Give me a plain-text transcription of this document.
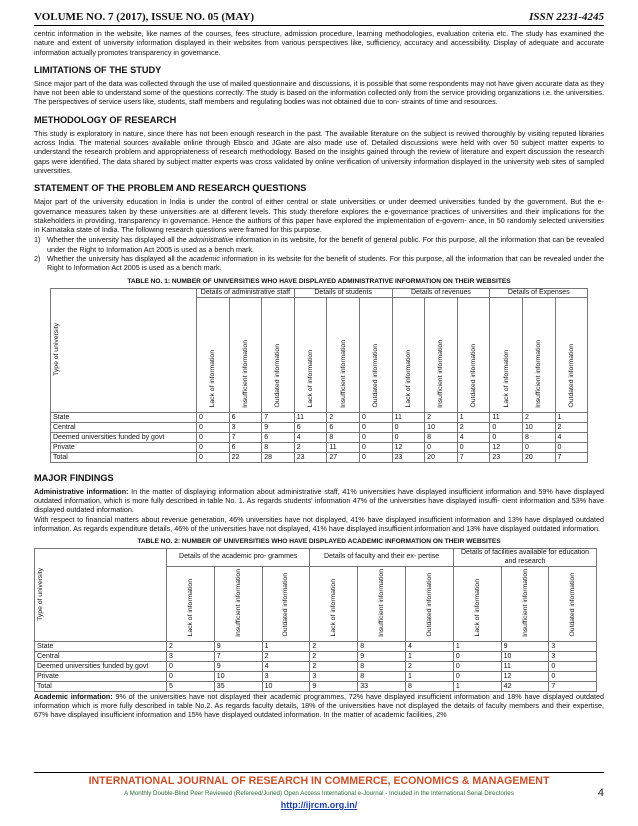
VOLUME NO. 7 (2017), ISSUE NO. 05 (MAY)	ISSN 2231-4245

centric information in the website, like names of the courses, fees structure, admission procedure, learning methodologies, evaluation criteria etc. The study has examined the nature and extent of university information displayed in their websites from various perspectives like, sufficiency, accuracy and accessibility. Display of adequate and accurate information actually promotes transparency in governance.

LIMITATIONS OF THE STUDY

Since major part of the data was collected through the use of mailed questionnaire and discussions, it is possible that some respondents may not have given accurate data as they have not been able to understand some of the questions correctly. The study is based on the information collected only from the service providing organizations i.e. the universities. The perspectives of service users like, students, staff members and regulating bodies was not obtained due to con- straints of time and resources.

METHODOLOGY OF RESEARCH

This study is exploratory in nature, since there has not been enough research in the past. The available literature on the subject is revived thoroughly by visiting reputed libraries across India. The material sources available online through Ebsco and JGate are also made use of. Detailed discussions were held with over 50 subject matter experts to understand the research problem and appropriateness of research methodology. Based on the insights gained through the review of literature and expert discussion the research gaps were identified. The data shared by subject matter experts was cross validated by online verification of university information displayed in the university web sites of sampled universities.

STATEMENT OF THE PROBLEM AND RESEARCH QUESTIONS

Major part of the university education in India is under the control of either central or state universities or under deemed universities funded by the government. But the e-governance measures taken by these universities are at different levels. This study therefore explores the e-governance practices of universities and their implications for the stakeholders in providing, transparency in governance. Hence the authors of this paper have explored the implementation of e-govern- ance, in 50 randomly selected universities in Karnataka state of India. The following research questions were framed for this purpose.

1) Whether the university has displayed all the administrative information in its website, for the benefit of general public. For this purpose, all the information that can be revealed under the Right to Information Act 2005 is used as a bench mark.
2) Whether the university has displayed all the academic information in its website for the benefit of students. For this purpose, all the information that can be revealed under the Right to Information Act 2005 is used as a bench mark.
TABLE NO. 1: NUMBER OF UNIVERSITIES WHO HAVE DISPLAYED ADMINISTRATIVE INFORMATION ON THEIR WEBSITES
Type of university	Details of administrative staff			Details of students			Details of revenues			Details of Expenses		
	Lack of information	Insufficient information	Outdated information	Lack of information	Insufficient information	Outdated information	Lack of information	Insufficient information	Outdated information	Lack of information	Insufficient information	Outdated information
State	0	6	7	11	2	0	11	2	1	11	2	1
Central	0	3	9	6	6	0	0	10	2	0	10	2
Deemed universities funded by govt	0	7	6	4	8	0	0	8	4	0	8	4
Private	0	6	8	2	11	0	12	0	0	12	0	0
Total	0	22	28	23	27	0	23	20	7	23	20	7
MAJOR FINDINGS

Administrative information: In the matter of displaying information about administrative staff, 41% universities have displayed insufficient information and 59% have displayed outdated information, which is more fully described in table No. 1. As regards students' information 47% of the universities have displayed insuffi- cient information and 53% have displayed outdated information.

With respect to financial matters about revenue generation, 46% universities have not displayed, 41% have displayed insufficient information and 13% have displayed outdated information. As regards expenditure details, 46% of the universities have not displayed, 41% have displayed insufficient information and 13% have displayed outdated information.

TABLE NO. 2: NUMBER OF UNIVERSITIES WHO HAVE DISPLAYED ACADEMIC INFORMATION ON THEIR WEBSITES
Type of university	Details of the academic pro- grammes			Details of faculty and their ex- pertise			Details of facilities available for education and research		
	Lack of information	Insufficient information	Outdated information	Lack of information	Insufficient information	Outdated information	Lack of information	Insufficient information	Outdated information
State	2	9	1	2	8	4	1	9	3
Central	3	7	2	2	9	1	0	10	3
Deemed universities funded by govt	0	9	4	2	8	2	0	11	0
Private	0	10	3	3	8	1	0	12	0
Total	5	35	10	9	33	8	1	42	7

Academic information: 9% of the universities have not displayed their academic programmes, 72% have displayed insufficient information and 18% have displayed outdated information which is more fully described in table No.2. As regards faculty details, 18% of the universities have not displayed the details of faculty members and their expertise, 67% have displayed insufficient information and 15% have displayed outdated information. In the matter of academic facilities, 2%

INTERNATIONAL JOURNAL OF RESEARCH IN COMMERCE, ECONOMICS & MANAGEMENT
A Monthly Double-Blind Peer Reviewed (Refereed/Juried) Open Access International e-Journal - Included in the International Serial Directories
http://ijrcm.org.in/
4
